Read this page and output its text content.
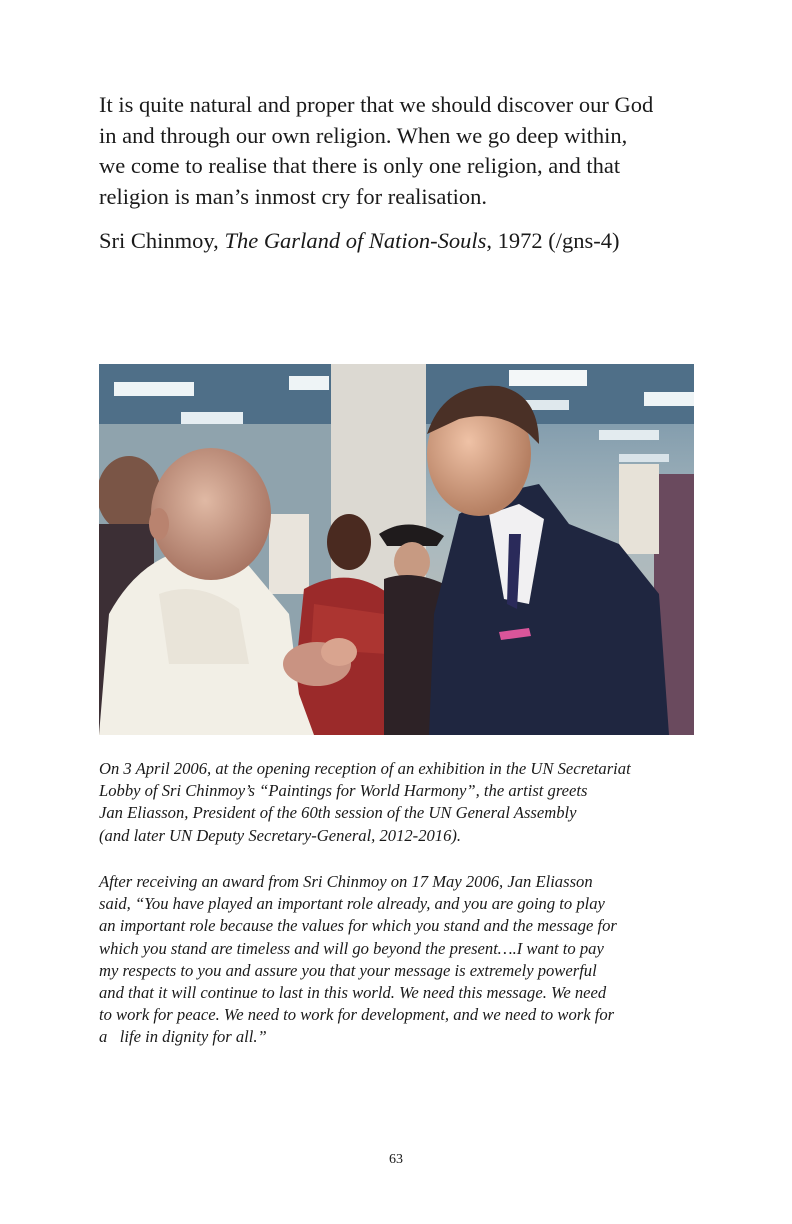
It is quite natural and proper that we should discover our God

in and through our own religion. When we go deep within,

we come to realise that there is only one religion, and that

religion is man’s inmost cry for realisation.

Sri Chinmoy, The Garland of Nation-Souls, 1972 (/gns-4)

On 3 April 2006, at the opening reception of an exhibition in the UN Secretariat

Lobby of Sri Chinmoy’s “Paintings for World Harmony”, the artist greets

Jan Eliasson, President of the 60th session of the UN General Assembly

(and later UN Deputy Secretary-General, 2012-2016).

After receiving an award from Sri Chinmoy on 17 May 2006, Jan Eliasson

said, “You have played an important role already, and you are going to play

an important role because the values for which you stand and the message for

which you stand are timeless and will go beyond the present….I want to pay

my respects to you and assure you that your message is extremely powerful

and that it will continue to last in this world. We need this message. We need

to work for peace. We need to work for development, and we need to work for

a   life in dignity for all.”

63
